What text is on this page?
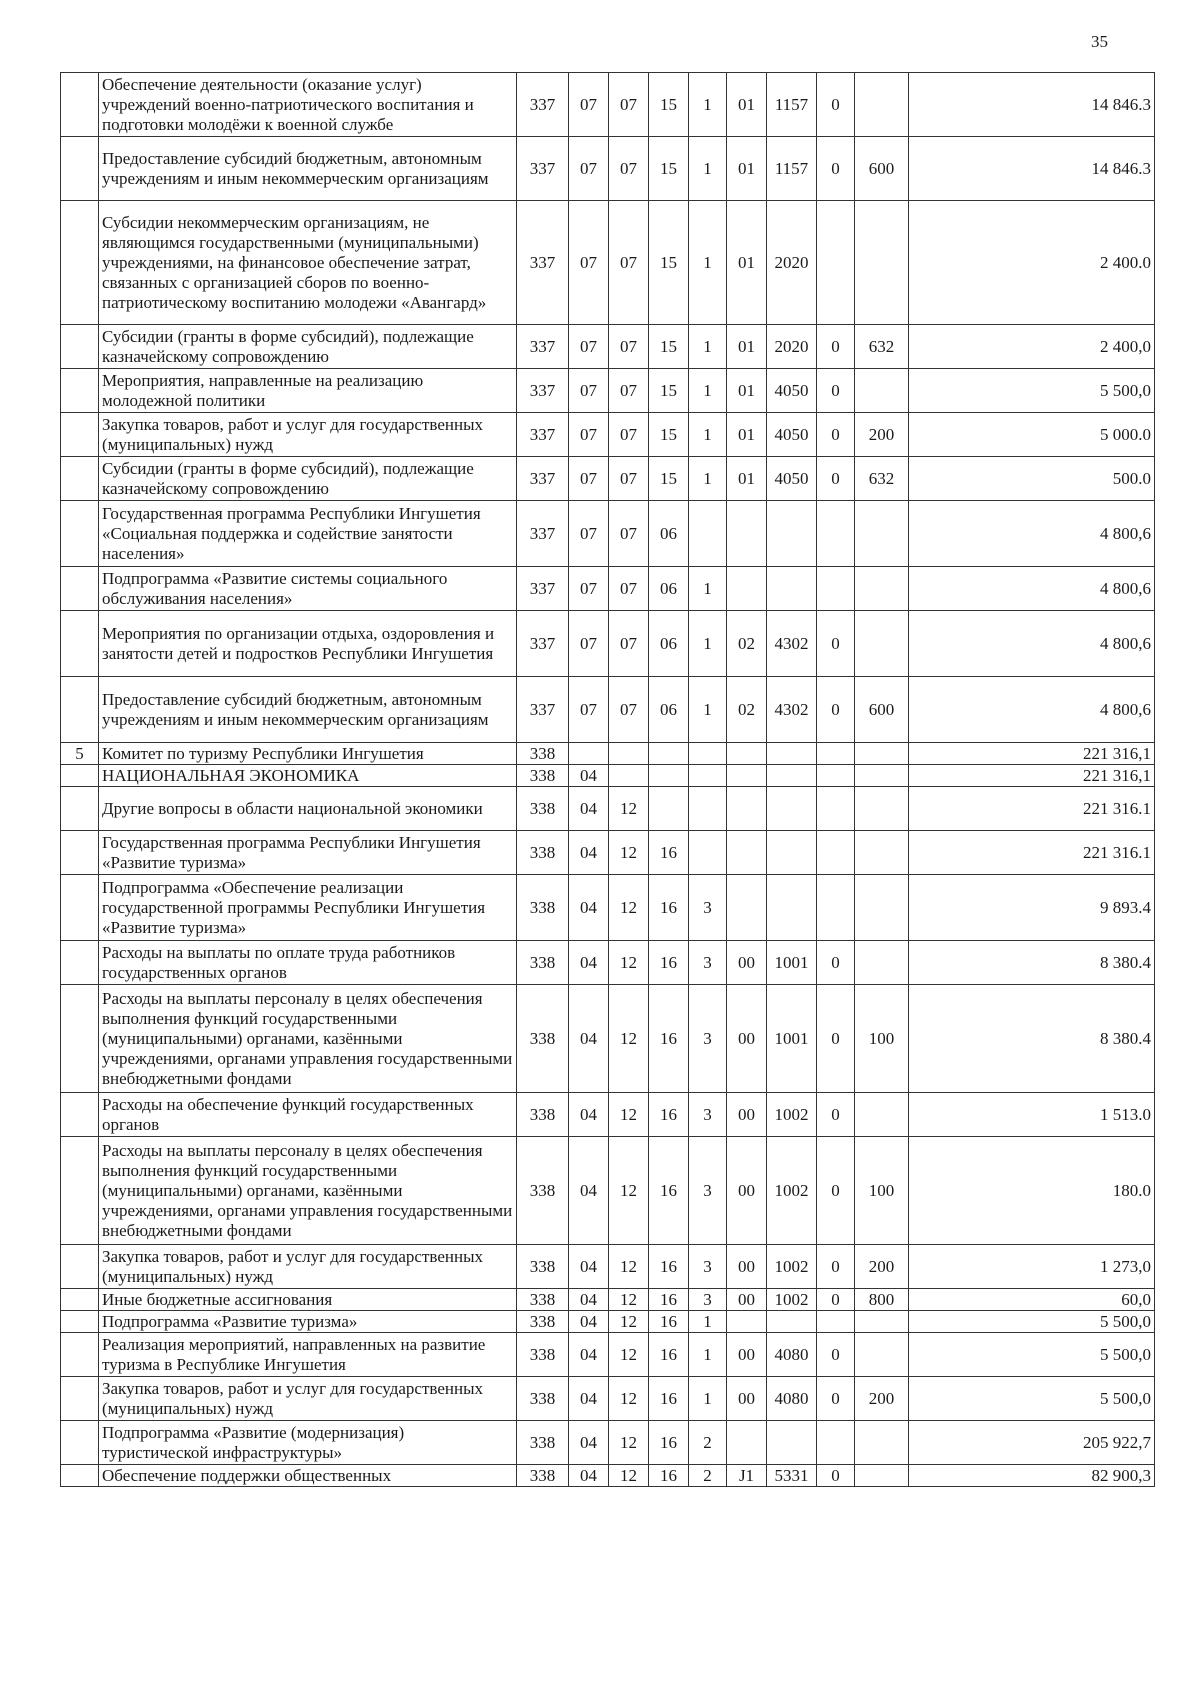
35
	Обеспечение деятельности (оказание услуг) учреждений военно-патриотического воспитания и подготовки молодёжи к военной службе	337	07	07	15	1	01	1157	0		14 846.3
	Предоставление субсидий бюджетным, автономным учреждениям и иным некоммерческим организациям	337	07	07	15	1	01	1157	0	600	14 846.3
	Субсидии некоммерческим организациям, не являющимся государственными (муниципальными) учреждениями, на финансовое обеспечение затрат, связанных с организацией сборов по военно-патриотическому воспитанию молодежи «Авангард»	337	07	07	15	1	01	2020			2 400.0
	Субсидии (гранты в форме субсидий), подлежащие казначейскому сопровождению	337	07	07	15	1	01	2020	0	632	2 400,0
	Мероприятия, направленные на реализацию молодежной политики	337	07	07	15	1	01	4050	0		5 500,0
	Закупка товаров, работ и услуг для государственных (муниципальных) нужд	337	07	07	15	1	01	4050	0	200	5 000.0
	Субсидии (гранты в форме субсидий), подлежащие казначейскому сопровождению	337	07	07	15	1	01	4050	0	632	500.0
	Государственная программа Республики Ингушетия «Социальная поддержка и содействие занятости населения»	337	07	07	06						4 800,6
	Подпрограмма «Развитие системы социального обслуживания населения»	337	07	07	06	1					4 800,6
	Мероприятия по организации отдыха, оздоровления и занятости детей и подростков Республики Ингушетия	337	07	07	06	1	02	4302	0		4 800,6
	Предоставление субсидий бюджетным, автономным учреждениям и иным некоммерческим организациям	337	07	07	06	1	02	4302	0	600	4 800,6
5	Комитет по туризму Республики Ингушетия	338									221 316,1
	НАЦИОНАЛЬНАЯ ЭКОНОМИКА	338	04								221 316,1
	Другие вопросы в области национальной экономики	338	04	12							221 316.1
	Государственная программа Республики Ингушетия «Развитие туризма»	338	04	12	16						221 316.1
	Подпрограмма «Обеспечение реализации государственной программы Республики Ингушетия «Развитие туризма»	338	04	12	16	3					9 893.4
	Расходы на выплаты по оплате труда работников государственных органов	338	04	12	16	3	00	1001	0		8 380.4
	Расходы на выплаты персоналу в целях обеспечения выполнения функций государственными (муниципальными) органами, казёнными учреждениями, органами управления государственными внебюджетными фондами	338	04	12	16	3	00	1001	0	100	8 380.4
	Расходы на обеспечение функций государственных органов	338	04	12	16	3	00	1002	0		1 513.0
	Расходы на выплаты персоналу в целях обеспечения выполнения функций государственными (муниципальными) органами, казёнными учреждениями, органами управления государственными внебюджетными фондами	338	04	12	16	3	00	1002	0	100	180.0
	Закупка товаров, работ и услуг для государственных (муниципальных) нужд	338	04	12	16	3	00	1002	0	200	1 273,0
	Иные бюджетные ассигнования	338	04	12	16	3	00	1002	0	800	60,0
	Подпрограмма «Развитие туризма»	338	04	12	16	1					5 500,0
	Реализация мероприятий, направленных на развитие туризма в Республике Ингушетия	338	04	12	16	1	00	4080	0		5 500,0
	Закупка товаров, работ и услуг для государственных (муниципальных) нужд	338	04	12	16	1	00	4080	0	200	5 500,0
	Подпрограмма «Развитие (модернизация) туристической инфраструктуры»	338	04	12	16	2					205 922,7
	Обеспечение поддержки общественных	338	04	12	16	2	J1	5331	0		82 900,3
